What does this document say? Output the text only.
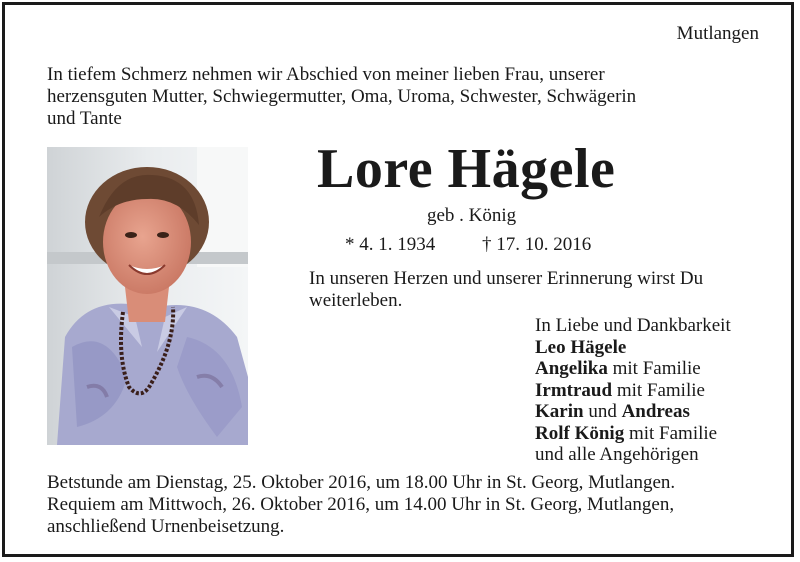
Mutlangen
In tiefem Schmerz nehmen wir Abschied von meiner lieben Frau, unserer
herzensguten Mutter, Schwiegermutter, Oma, Uroma, Schwester, Schwägerin
und Tante
Lore Hägele
geb . König
* 4. 1. 1934 † 17. 10. 2016
In unseren Herzen und unserer Erinnerung wirst Du
weiterleben.
In Liebe und Dankbarkeit
Leo Hägele
Angelika mit Familie
Irmtraud mit Familie
Karin und Andreas
Rolf König mit Familie
und alle Angehörigen
Betstunde am Dienstag, 25. Oktober 2016, um 18.00 Uhr in St. Georg, Mutlangen.
Requiem am Mittwoch, 26. Oktober 2016, um 14.00 Uhr in St. Georg, Mutlangen,
anschließend Urnenbeisetzung.
